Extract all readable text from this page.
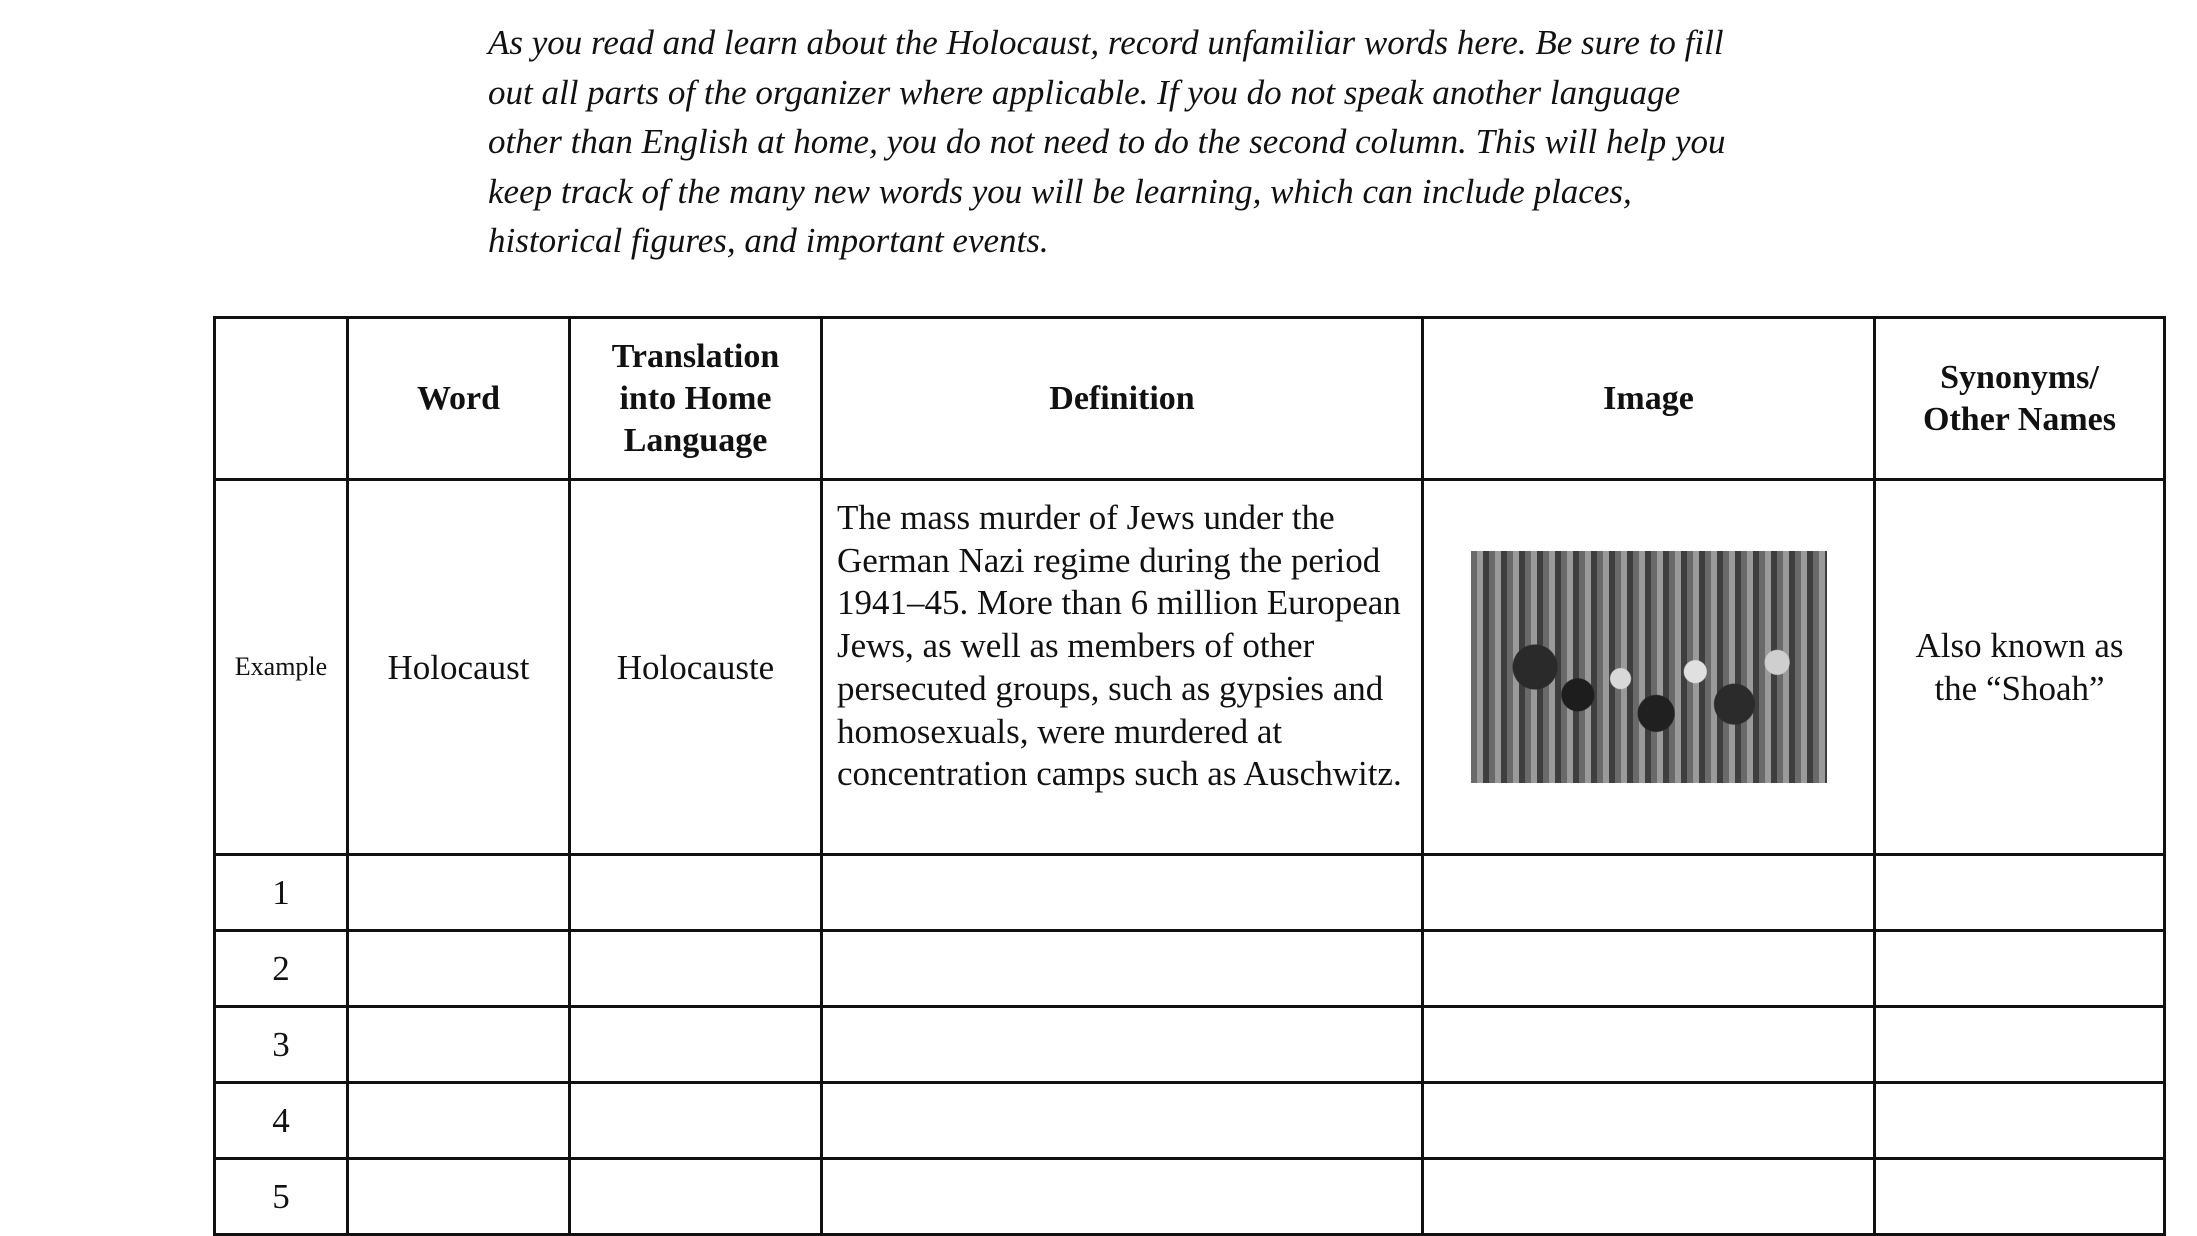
As you read and learn about the Holocaust, record unfamiliar words here. Be sure to fill out all parts of the organizer where applicable. If you do not speak another language other than English at home, you do not need to do the second column. This will help you keep track of the many new words you will be learning, which can include places, historical figures, and important events.

	Word	Translation into Home Language	Definition	Image	Synonyms/ Other Names
Example	Holocaust	Holocauste	The mass murder of Jews under the German Nazi regime during the period 1941–45. More than 6 million European Jews, as well as members of other persecuted groups, such as gypsies and homosexuals, were murdered at concentration camps such as Auschwitz.		Also known as the “Shoah”
1					
2					
3					
4					
5					
